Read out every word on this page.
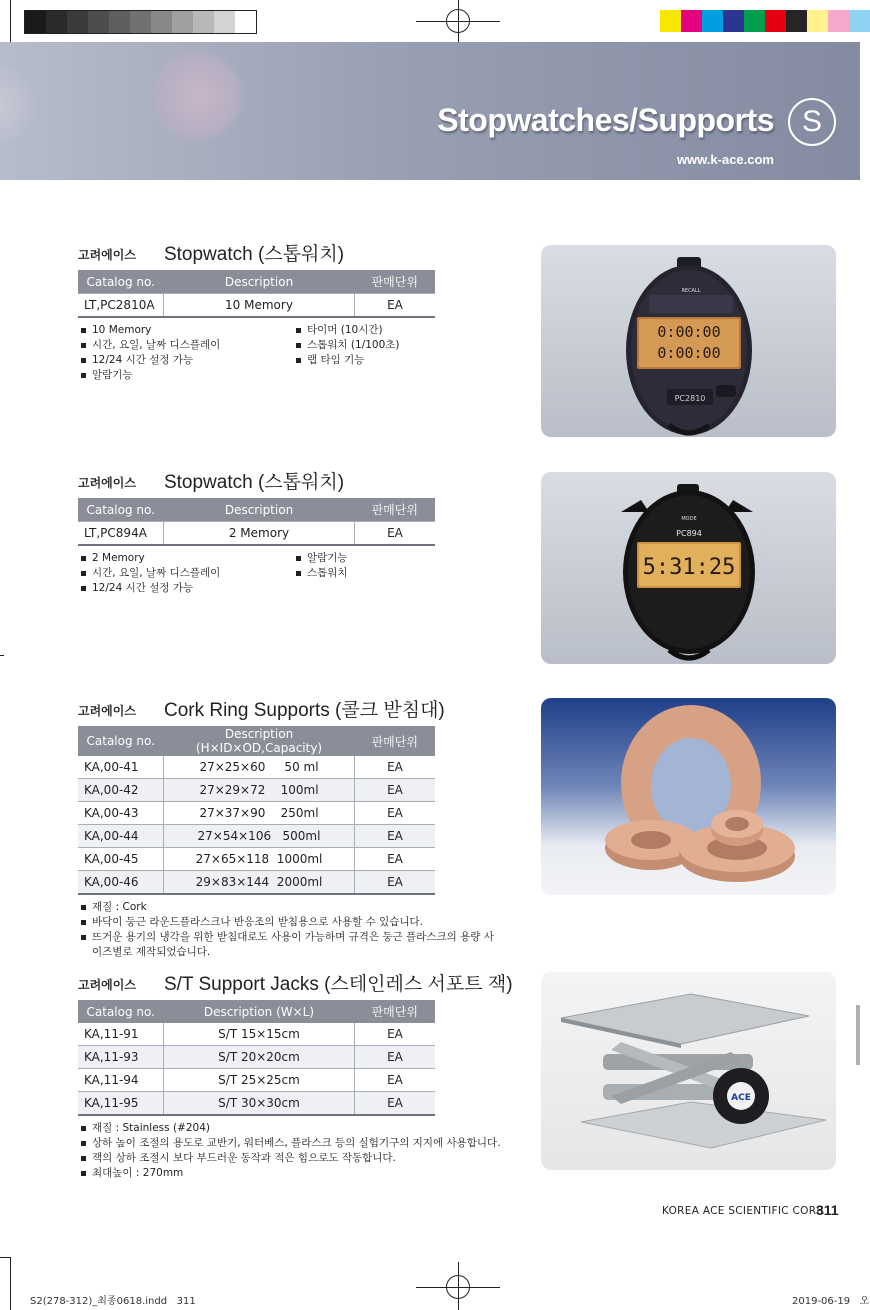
Stopwatches/Supports S
www.k-ace.com
고려에이스 Stopwatch (스톱워치)
Catalog no.	Description	판매단위
LT,PC2810A	10 Memory	EA
10 Memory
시간, 요일, 날짜 디스플레이
12/24 시간 설정 가능
알람기능
타이머 (10시간)
스톱워치 (1/100초)
랩 타임 기능
고려에이스 Stopwatch (스톱워치)
Catalog no.	Description	판매단위
LT,PC894A	2 Memory	EA
2 Memory
시간, 요일, 날짜 디스플레이
12/24 시간 설정 가능
알람기능
스톱워치
고려에이스 Cork Ring Supports (콜크 받침대)
Catalog no.	Description (H×ID×OD,Capacity)	판매단위
KA,00-41	27×25×60     50 ml	EA
KA,00-42	27×29×72    100ml	EA
KA,00-43	27×37×90    250ml	EA
KA,00-44	27×54×106   500ml	EA
KA,00-45	27×65×118  1000ml	EA
KA,00-46	29×83×144  2000ml	EA
재질 : Cork
바닥이 둥근 라운드플라스크나 반응조의 받침용으로 사용할 수 있습니다.
뜨거운 용기의 냉각을 위한 받침대로도 사용이 가능하며 규격은 둥근 플라스크의 용량 사이즈별로 제작되었습니다.
고려에이스 S/T Support Jacks (스테인레스 서포트 잭)
Catalog no.	Description (W×L)	판매단위
KA,11-91	S/T 15×15cm	EA
KA,11-93	S/T 20×20cm	EA
KA,11-94	S/T 25×25cm	EA
KA,11-95	S/T 30×30cm	EA
재질 : Stainless (#204)
상하 높이 조절의 용도로 교반기, 워터베스, 플라스크 등의 실험기구의 지지에 사용합니다.
잭의 상하 조절시 보다 부드러운 동작과 적은 힘으로도 작동합니다.
최대높이 : 270mm
RECALL
0:00:00
0:00:00
PC2810
MODE
PC894
5:31:25
ACE
KOREA ACE SCIENTIFIC CORP.
311
S2(278-312)_최종0618.indd   311	2019-06-19   오
